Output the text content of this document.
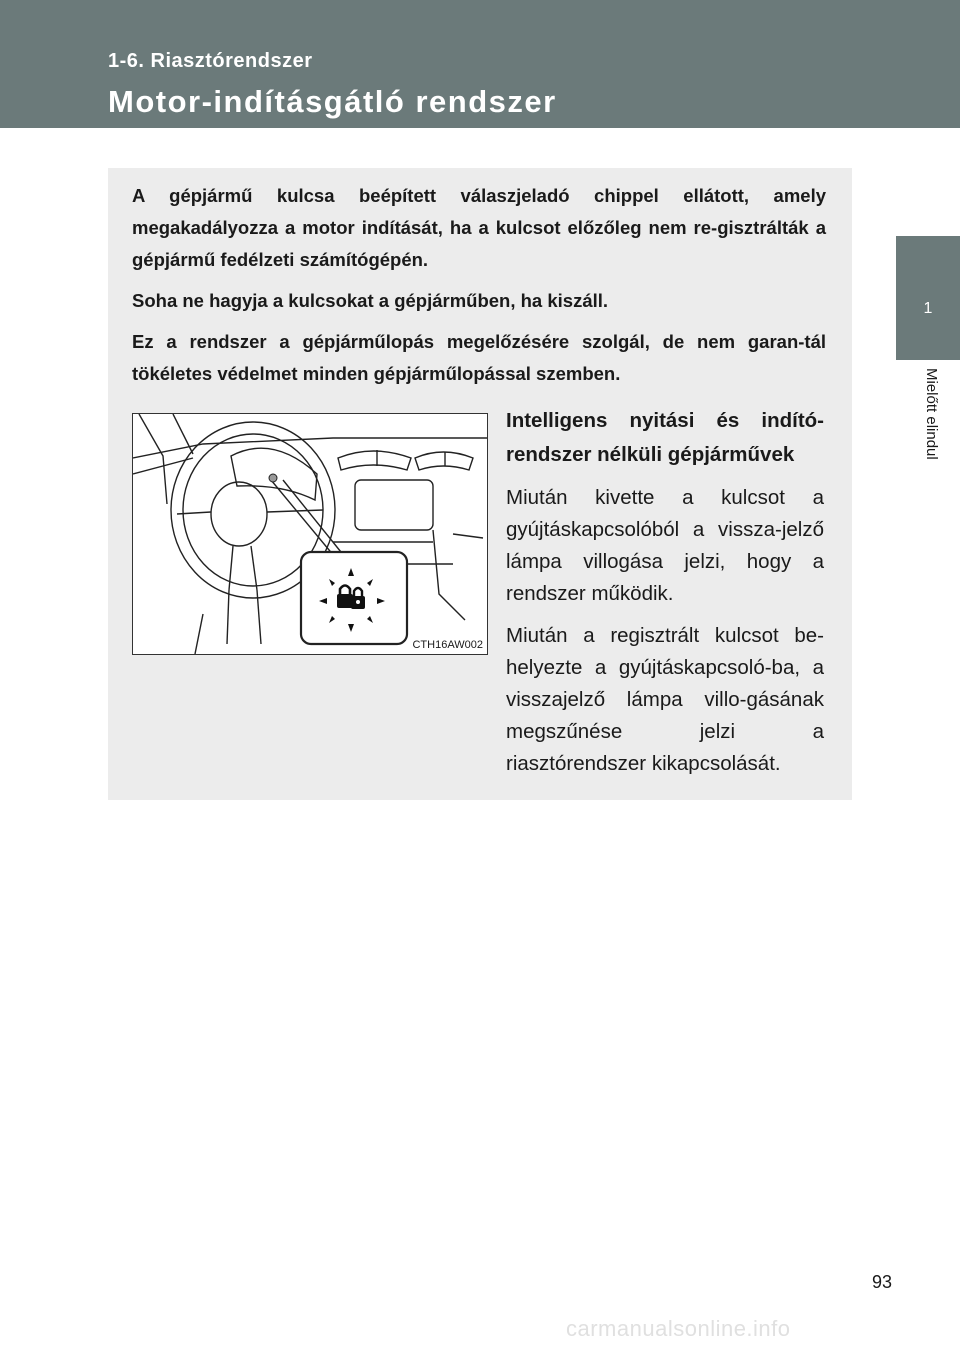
1-6. Riasztórendszer
Motor-indításgátló rendszer
1
Mielőtt elindul

A gépjármű kulcsa beépített válaszjeladó chippel ellátott, amely megakadályozza a motor indítását, ha a kulcsot előzőleg nem re-gisztrálták a gépjármű fedélzeti számítógépén.

Soha ne hagyja a kulcsokat a gépjárműben, ha kiszáll.

Ez a rendszer a gépjárműlopás megelőzésére szolgál, de nem garan-tál tökéletes védelmet minden gépjárműlopással szemben.

CTH16AW002
Intelligens nyitási és indító-rendszer nélküli gépjárművek

Miután kivette a kulcsot a gyújtáskapcsolóból a vissza-jelző lámpa villogása jelzi, hogy a rendszer működik.

Miután a regisztrált kulcsot be-helyezte a gyújtáskapcsoló-ba, a visszajelző lámpa villo-gásának megszűnése jelzi a riasztórendszer kikapcsolását.

93
carmanualsonline.info
